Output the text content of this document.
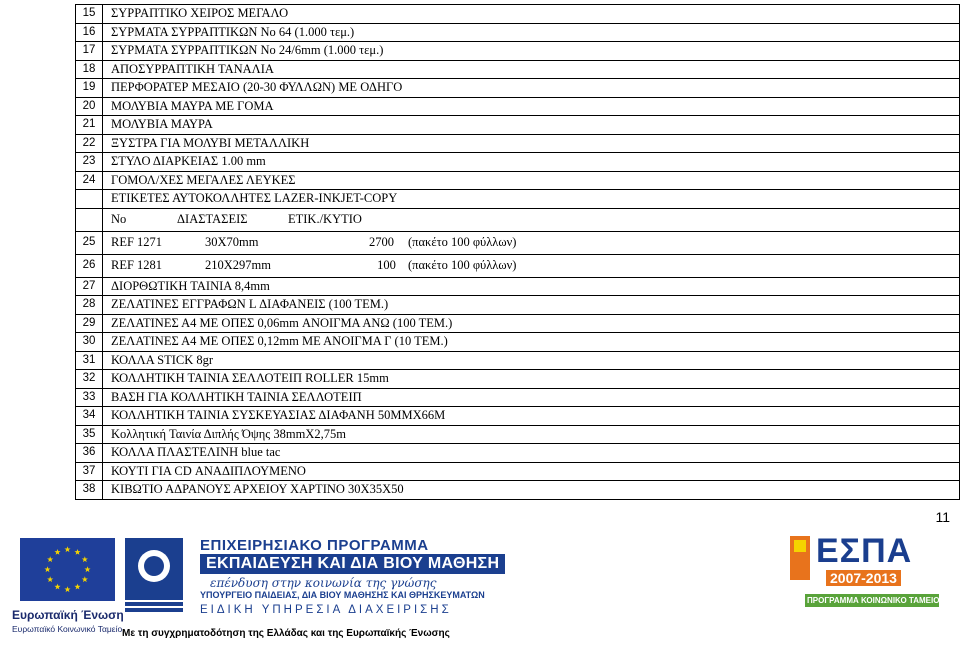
15	ΣΥΡΡΑΠΤΙΚΟ ΧΕΙΡΟΣ ΜΕΓΑΛΟ
16	ΣΥΡΜΑΤΑ ΣΥΡΡΑΠΤΙΚΩΝ Νο 64 (1.000 τεμ.)
17	ΣΥΡΜΑΤΑ ΣΥΡΡΑΠΤΙΚΩΝ Νο 24/6mm (1.000 τεμ.)
18	ΑΠΟΣΥΡΡΑΠΤΙΚΗ ΤΑΝΑΛΙΑ
19	ΠΕΡΦΟΡΑΤΕΡ ΜΕΣΑΙΟ (20-30 ΦΥΛΛΩΝ) ΜΕ ΟΔΗΓΟ
20	ΜΟΛΥΒΙΑ ΜΑΥΡΑ ΜΕ ΓΟΜΑ
21	ΜΟΛΥΒΙΑ ΜΑΥΡΑ
22	ΞΥΣΤΡΑ ΓΙΑ ΜΟΛΥΒΙ ΜΕΤΑΛΛΙΚΗ
23	ΣΤΥΛΟ ΔΙΑΡΚΕΙΑΣ 1.00 mm
24	ΓΟΜΟΛ/ΧΕΣ ΜΕΓΑΛΕΣ ΛΕΥΚΕΣ
	ΕΤΙΚΕΤΕΣ ΑΥΤΟΚΟΛΛΗΤΕΣ LAZER-INKJET-COPY
	No ΔΙΑΣΤΑΣΕΙΣ ΕΤΙΚ./ΚΥΤΙΟ
25	REF 1271 30X70mm 2700 (πακέτο 100 φύλλων)
26	REF 1281 210X297mm 100 (πακέτο 100 φύλλων)
27	ΔΙΟΡΘΩΤΙΚΗ ΤΑΙΝΙΑ 8,4mm
28	ΖΕΛΑΤΙΝΕΣ ΕΓΓΡΑΦΩΝ L ΔΙΑΦΑΝΕΙΣ (100 ΤΕΜ.)
29	ΖΕΛΑΤΙΝΕΣ Α4 ΜΕ ΟΠΕΣ 0,06mm ΑΝΟΙΓΜΑ ΑΝΩ (100 ΤΕΜ.)
30	ΖΕΛΑΤΙΝΕΣ Α4 ΜΕ ΟΠΕΣ 0,12mm ΜΕ ΑΝΟΙΓΜΑ Γ (10 ΤΕΜ.)
31	ΚΟΛΛΑ STICK 8gr
32	ΚΟΛΛΗΤΙΚΗ ΤΑΙΝΙΑ ΣΕΛΛΟΤΕΙΠ ROLLER 15mm
33	ΒΑΣΗ ΓΙΑ ΚΟΛΛΗΤΙΚΗ ΤΑΙΝΙΑ ΣΕΛΛΟΤΕΙΠ
34	ΚΟΛΛΗΤΙΚΗ ΤΑΙΝΙΑ ΣΥΣΚΕΥΑΣΙΑΣ ΔΙΑΦΑΝΗ 50ΜΜΧ66Μ
35	Κολλητική Ταινία Διπλής Όψης 38mmX2,75m
36	ΚΟΛΛΑ ΠΛΑΣΤΕΛΙΝΗ blue tac
37	ΚΟΥΤΙ ΓΙΑ CD ΑΝΑΔΙΠΛΟΥΜΕΝΟ
38	ΚΙΒΩΤΙΟ ΑΔΡΑΝΟΥΣ ΑΡΧΕΙΟΥ ΧΑΡΤΙΝΟ 30Χ35Χ50
11
Ευρωπαϊκή Ένωση
Ευρωπαϊκό Κοινωνικό Ταμείο
ΕΠΙΧΕΙΡΗΣΙΑΚΟ ΠΡΟΓΡΑΜΜΑ
ΕΚΠΑΙΔΕΥΣΗ ΚΑΙ ΔΙΑ ΒΙΟΥ ΜΑΘΗΣΗ
επένδυση στην κοινωνία της γνώσης
ΥΠΟΥΡΓΕΙΟ ΠΑΙΔΕΙΑΣ, ΔΙΑ ΒΙΟΥ ΜΑΘΗΣΗΣ ΚΑΙ ΘΡΗΣΚΕΥΜΑΤΩΝ
ΕΙΔΙΚΗ ΥΠΗΡΕΣΙΑ ΔΙΑΧΕΙΡΙΣΗΣ
Με τη συγχρηματοδότηση της Ελλάδας και της Ευρωπαϊκής Ένωσης
ΕΣΠΑ
2007-2013
ΠΡΟΓΡΑΜΜΑ ΚΟΙΝΩΝΙΚΟ ΤΑΜΕΙΟ
